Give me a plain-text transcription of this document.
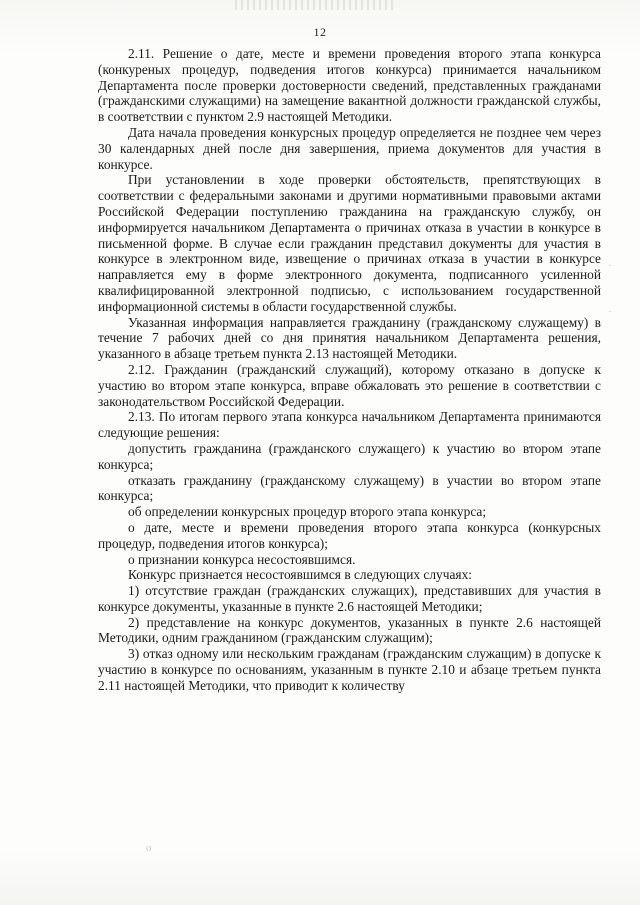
12

2.11. Решение о дате, месте и времени проведения второго этапа конкурса (конкуреных процедур, подведения итогов конкурса) принимается начальником Департамента после проверки достоверности сведений, представленных гражданами (гражданскими служащими) на замещение вакантной должности гражданской службы, в соответствии с пунктом 2.9 настоящей Методики.

Дата начала проведения конкурсных процедур определяется не позднее чем через 30 календарных дней после дня завершения, приема документов для участия в конкурсе.

При установлении в ходе проверки обстоятельств, препятствующих в соответствии с федеральными законами и другими нормативными правовыми актами Российской Федерации поступлению гражданина на гражданскую службу, он информируется начальником Департамента о причинах отказа в участии в конкурсе в письменной форме. В случае если гражданин представил документы для участия в конкурсе в электронном виде, извещение о причинах отказа в участии в конкурсе направляется ему в форме электронного документа, подписанного усиленной квалифицированной электронной подписью, с использованием государственной информационной системы в области государственной службы.

Указанная информация направляется гражданину (гражданскому служащему) в течение 7 рабочих дней со дня принятия начальником Департамента решения, указанного в абзаце третьем пункта 2.13 настоящей Методики.

2.12. Гражданин (гражданский служащий), которому отказано в допуске к участию во втором этапе конкурса, вправе обжаловать это решение в соответствии с законодательством Российской Федерации.

2.13. По итогам первого этапа конкурса начальником Департамента принимаются следующие решения:

допустить гражданина (гражданского служащего) к участию во втором этапе конкурса;

отказать гражданину (гражданскому служащему) в участии во втором этапе конкурса;

об определении конкурсных процедур второго этапа конкурса;

о дате, месте и времени проведения второго этапа конкурса (конкурсных процедур, подведения итогов конкурса);

о признании конкурса несостоявшимся.

Конкурс признается несостоявшимся в следующих случаях:

1) отсутствие граждан (гражданских служащих), представивших для участия в конкурсе документы, указанные в пункте 2.6 настоящей Методики;

2) представление на конкурс документов, указанных в пункте 2.6 настоящей Методики, одним гражданином (гражданским служащим);

3) отказ одному или нескольким гражданам (гражданским служащим) в допуске к участию в конкурсе по основаниям, указанным в пункте 2.10 и абзаце третьем пункта 2.11 настоящей Методики, что приводит к количеству

·
·
o
